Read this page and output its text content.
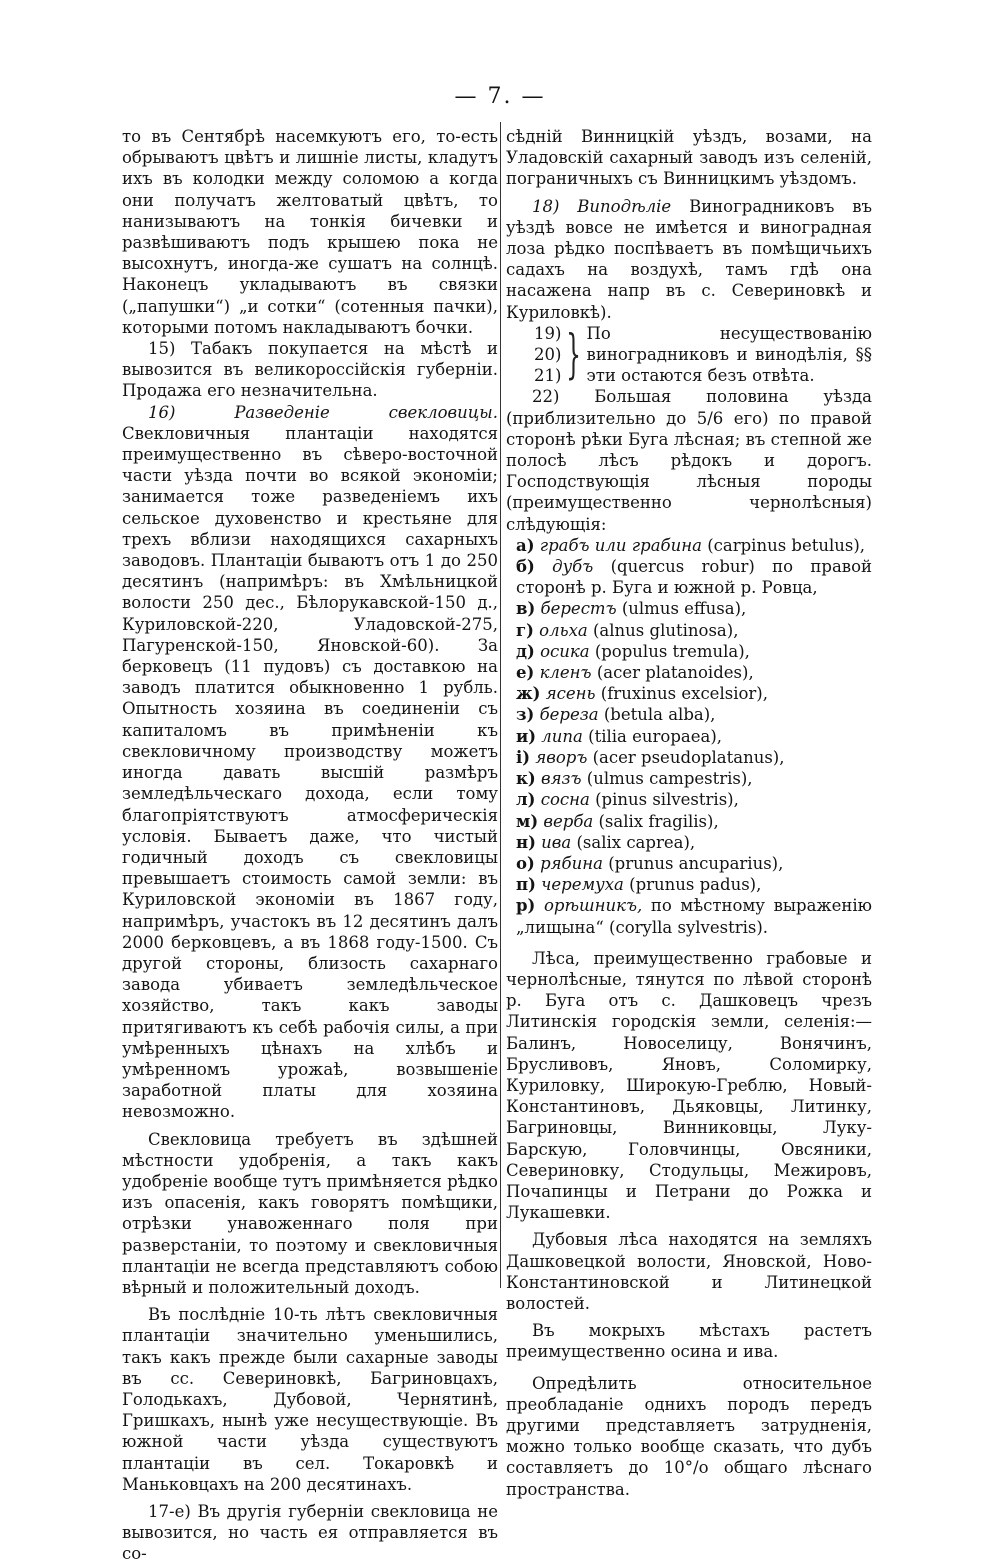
— 7. —

то въ Сентябрѣ насемкуютъ его, то-есть обрываютъ цвѣтъ и лишніе листы, кладутъ ихъ въ колодки между соломою а когда они получатъ желтоватый цвѣтъ, то нанизываютъ на тонкія бичевки и развѣшиваютъ подъ крышею пока не высохнутъ, иногда-же сушатъ на солнцѣ. Наконецъ укладываютъ въ связки („папушки“) „и сотки“ (сотенныя пачки), которыми потомъ накладываютъ бочки.

15) Табакъ покупается на мѣстѣ и вывозится въ великороссійскія губерніи. Продажа его незначительна.

16) Разведеніе свекловицы. Свекловичныя плантаціи находятся преимущественно въ сѣверо-восточной части уѣзда почти во всякой экономіи; занимается тоже разведеніемъ ихъ сельское духовенство и крестьяне для трехъ вблизи находящихся сахарныхъ заводовъ. Плантаціи бываютъ отъ 1 до 250 десятинъ (напримѣръ: въ Хмѣльницкой волости 250 дес., Бѣлорукавской-150 д., Куриловской-220, Уладовской-275, Пагуренской-150, Яновской-60). За берковецъ (11 пудовъ) съ доставкою на заводъ платится обыкновенно 1 рубль. Опытность хозяина въ соединеніи съ капиталомъ въ примѣненіи къ свекловичному производству можетъ иногда давать высшій размѣръ земледѣльческаго дохода, если тому благопріятствуютъ атмосферическія условія. Бываетъ даже, что чистый годичный доходъ съ свекловицы превышаетъ стоимость самой земли: въ Куриловской экономіи въ 1867 году, напримѣръ, участокъ въ 12 десятинъ далъ 2000 берковцевъ, а въ 1868 году-1500. Съ другой стороны, близость сахарнаго завода убиваетъ земледѣльческое хозяйство, такъ какъ заводы притягиваютъ къ себѣ рабочія силы, а при умѣренныхъ цѣнахъ на хлѣбъ и умѣренномъ урожаѣ, возвышеніе заработной платы для хозяина невозможно.

Свекловица требуетъ въ здѣшней мѣстности удобренія, а такъ какъ удобреніе вообще тутъ примѣняется рѣдко изъ опасенія, какъ говорятъ помѣщики, отрѣзки унавоженнаго поля при разверстаніи, то поэтому и свекловичныя плантаціи не всегда представляютъ собою вѣрный и положительный доходъ.

Въ послѣдніе 10-ть лѣтъ свекловичныя плантаціи значительно уменьшились, такъ какъ прежде были сахарные заводы въ сс. Севериновкѣ, Багриновцахъ, Голодькахъ, Дубовой, Чернятинѣ, Гришкахъ, нынѣ уже несуществующіе. Въ южной части уѣзда существуютъ плантаціи въ сел. Токаровкѣ и Маньковцахъ на 200 десятинахъ.

17-е) Въ другія губерніи свекловица не вывозится, но часть ея отправляется въ со-

сѣдній Винницкій уѣздъ, возами, на Уладовскій сахарный заводъ изъ селеній, пограничныхъ съ Винницкимъ уѣздомъ.

18) Виподѣліе Виноградниковъ въ уѣздѣ вовсе не имѣется и виноградная лоза рѣдко поспѣваетъ въ помѣщичьихъ садахъ на воздухѣ, тамъ гдѣ она насажена напр въ с. Севериновкѣ и Куриловкѣ).

19)
20)
21) } По несуществованію виноградниковъ и винодѣлія, §§ эти остаются безъ отвѣта.

22) Большая половина уѣзда (приблизительно до 5/6 его) по правой сторонѣ рѣки Буга лѣсная; въ степной же полосѣ лѣсъ рѣдокъ и дорогъ. Господствующія лѣсныя породы (преимущественно чернолѣсныя) слѣдующія:

а) грабъ или грабина (carpinus betulus),
б) дубъ (quercus robur) по правой сторонѣ р. Буга и южной р. Ровца,
в) берестъ (ulmus effusa),
г) ольха (alnus glutinosa),
д) осика (populus tremula),
е) кленъ (acer platanoides),
ж) ясень (fruxinus excelsior),
з) береза (betula alba),
и) липа (tilia europaea),
і) яворъ (acer pseudoplatanus),
к) вязъ (ulmus campestris),
л) сосна (pinus silvestris),
м) верба (salix fragilis),
н) ива (salix caprea),
о) рябина (prunus ancuparius),
п) черемуха (prunus padus),
р) орѣшникъ, по мѣстному выраженію „лищына“ (corylla sylvestris).

Лѣса, преимущественно грабовые и чернолѣсные, тянутся по лѣвой сторонѣ р. Буга отъ с. Дашковецъ чрезъ Литинскія городскія земли, селенія:—Балинъ, Новоселицу, Вонячинъ, Брусливовъ, Яновъ, Соломирку, Куриловку, Широкую-Греблю, Новый-Константиновъ, Дьяковцы, Литинку, Багриновцы, Винниковцы, Луку-Барскую, Головчинцы, Овсяники, Севериновку, Стодульцы, Межировъ, Почапинцы и Петрани до Рожка и Лукашевки.

Дубовыя лѣса находятся на земляхъ Дашковецкой волости, Яновской, Ново-Константиновской и Литинецкой волостей.

Въ мокрыхъ мѣстахъ растетъ преимущественно осина и ива.

Опредѣлить относительное преобладаніе однихъ породъ передъ другими представляетъ затрудненія, можно только вообще сказать, что дубъ составляетъ до 10°/о общаго лѣснаго пространства.
